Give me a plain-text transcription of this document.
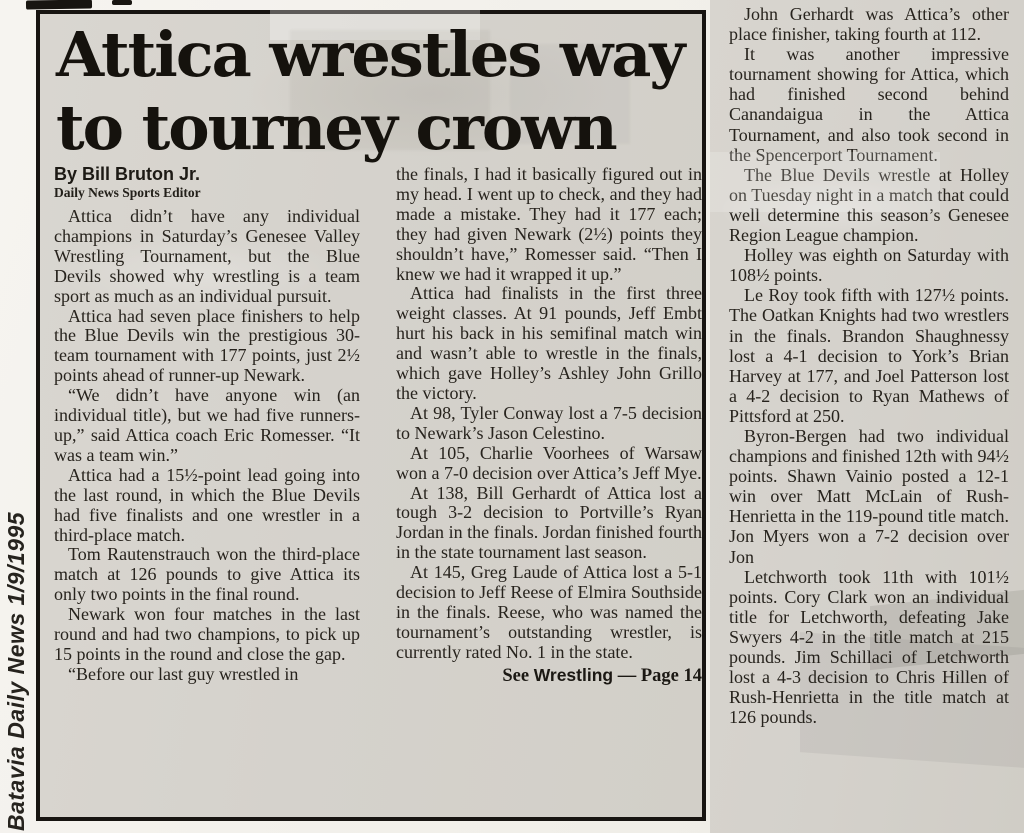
Attica wrestles way
to tourney crown

By Bill Bruton Jr.

Daily News Sports Editor

Attica didn’t have any individual champions in Saturday’s Genesee Valley Wrestling Tournament, but the Blue Devils showed why wrestling is a team sport as much as an individual pursuit.

Attica had seven place finishers to help the Blue Devils win the prestigious 30-team tournament with 177 points, just 2½ points ahead of runner-up Newark.

“We didn’t have anyone win (an individual title), but we had five runners-up,” said Attica coach Eric Romesser. “It was a team win.”

Attica had a 15½-point lead going into the last round, in which the Blue Devils had five finalists and one wrestler in a third-place match.

Tom Rautenstrauch won the third-place match at 126 pounds to give Attica its only two points in the final round.

Newark won four matches in the last round and had two champions, to pick up 15 points in the round and close the gap.

“Before our last guy wrestled in

the finals, I had it basically figured out in my head. I went up to check, and they had made a mistake. They had it 177 each; they had given Newark (2½) points they shouldn’t have,” Romesser said. “Then I knew we had it wrapped it up.”

Attica had finalists in the first three weight classes. At 91 pounds, Jeff Embt hurt his back in his semifinal match win and wasn’t able to wrestle in the finals, which gave Holley’s Ashley John Grillo the victory.

At 98, Tyler Conway lost a 7-5 decision to Newark’s Jason Celestino.

At 105, Charlie Voorhees of Warsaw won a 7-0 decision over Attica’s Jeff Mye.

At 138, Bill Gerhardt of Attica lost a tough 3-2 decision to Portville’s Ryan Jordan in the finals. Jordan finished fourth in the state tournament last season.

At 145, Greg Laude of Attica lost a 5-1 decision to Jeff Reese of Elmira Southside in the finals. Reese, who was named the tournament’s outstanding wrestler, is currently rated No. 1 in the state.

See Wrestling — Page 14

John Gerhardt was Attica’s other place finisher, taking fourth at 112.

It was another impressive tournament showing for Attica, which had finished second behind Canandaigua in the Attica Tournament, and also took second in the Spencerport Tournament.

The Blue Devils wrestle at Holley on Tuesday night in a match that could well determine this season’s Genesee Region League champion.

Holley was eighth on Saturday with 108½ points.

Le Roy took fifth with 127½ points. The Oatkan Knights had two wrestlers in the finals. Brandon Shaughnessy lost a 4-1 decision to York’s Brian Harvey at 177, and Joel Patterson lost a 4-2 decision to Ryan Mathews of Pittsford at 250.

Byron-Bergen had two individual champions and finished 12th with 94½ points. Shawn Vainio posted a 12-1 win over Matt McLain of Rush-Henrietta in the 119-pound title match. Jon Myers won a 7-2 decision over Jon

Letchworth took 11th with 101½ points. Cory Clark won an individual title for Letchworth, defeating Jake Swyers 4-2 in the title match at 215 pounds. Jim Schillaci of Letchworth lost a 4-3 decision to Chris Hillen of Rush-Henrietta in the title match at 126 pounds.

Batavia Daily News 1/9/1995
